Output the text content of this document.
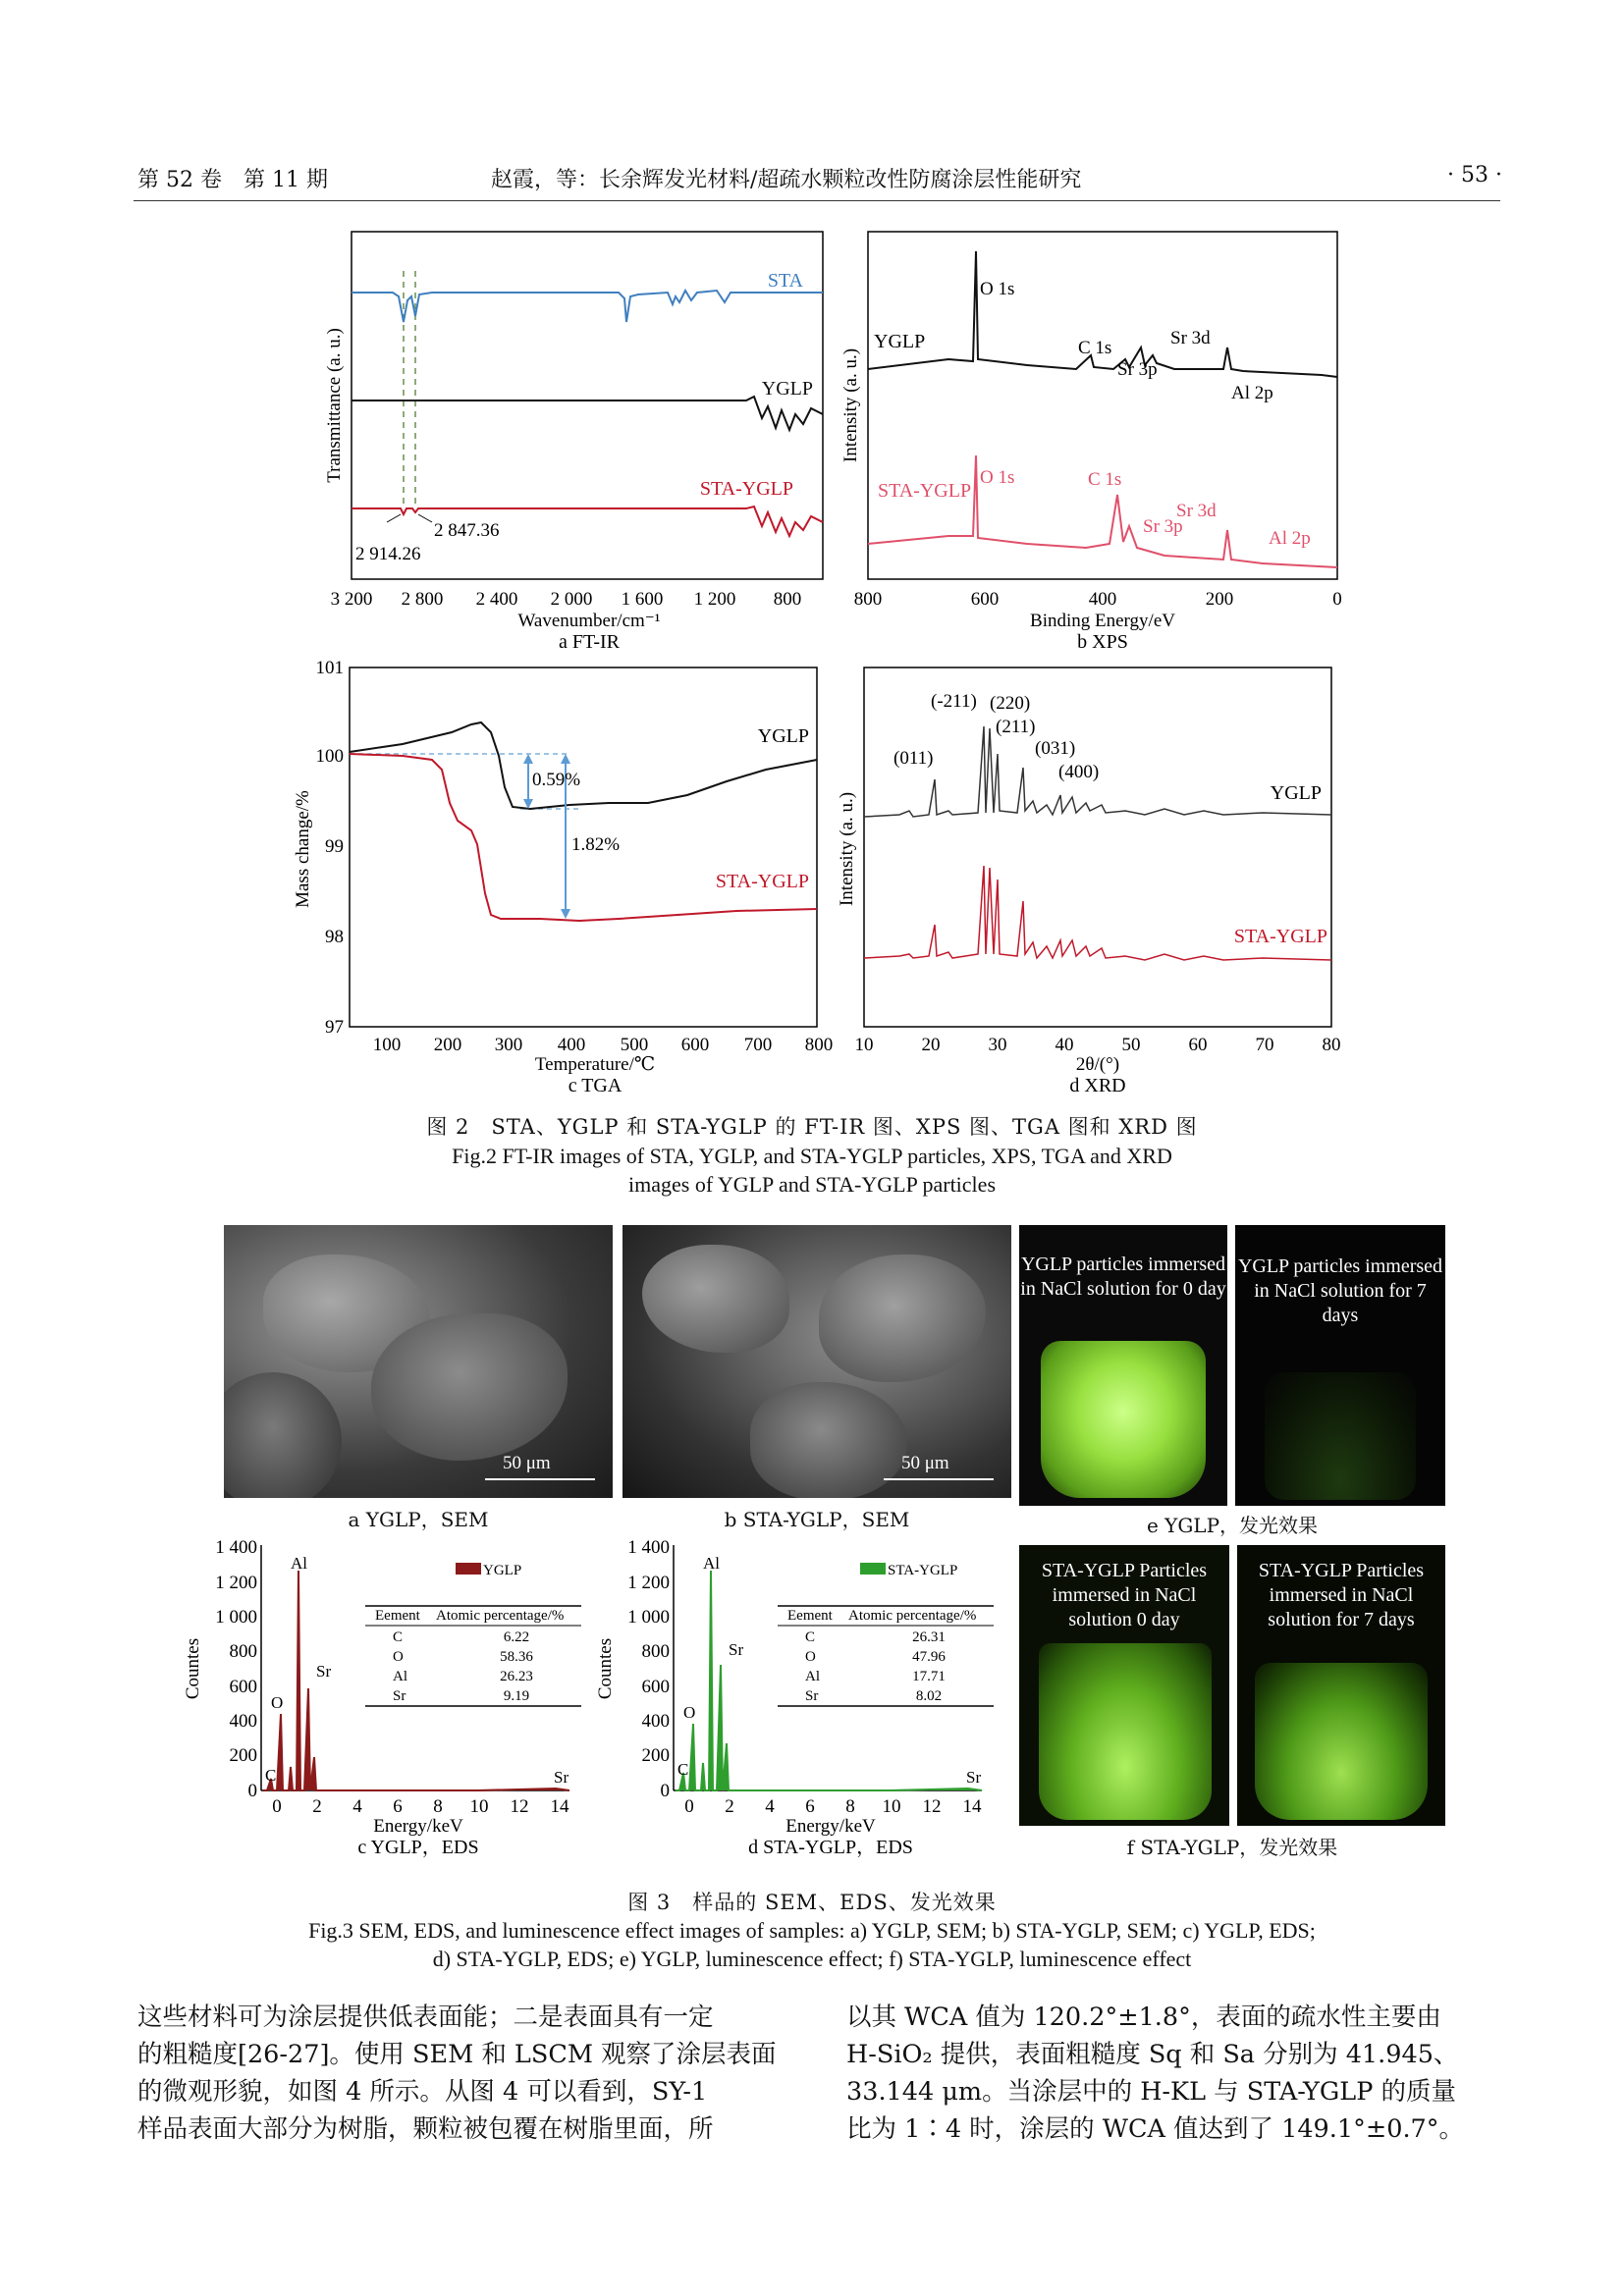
第 52 卷　第 11 期	赵霞，等：长余辉发光材料/超疏水颗粒改性防腐涂层性能研究	· 53 ·
STA
YGLP
STA-YGLP
2 914.26
2 847.36
3 200 2 800 2 400 2 000 1 600 1 200 800
Wavenumber/cm⁻¹
a FT-IR
Transmittance (a. u.)	YGLP
STA-YGLP
O 1s
C 1s
Sr 3p
Sr 3d
Al 2p
O 1s	C 1s
Sr 3d
Sr 3p
Al 2p
800	600	400	200	0
Binding Energy/eV
b XPS
Intensity (a. u.)
101
100
99
98
97
0.59%
1.82%
YGLP
STA-YGLP
100 200 300 400 500 600 700 800
Temperature/℃
c TGA
Mass change/%
(011)
(-211) (220)
(211)
(031)
(400)
YGLP
STA-YGLP
10	20	30	40	50	60	70	80
2θ/(°)
d XRD
Intensity (a. u.)
图 2　STA、YGLP 和 STA-YGLP 的 FT-IR 图、XPS 图、TGA 图和 XRD 图
Fig.2 FT-IR images of STA, YGLP, and STA-YGLP particles, XPS, TGA and XRD
images of YGLP and STA-YGLP particles
50 μm	50 μm
a YGLP，SEM	b STA-YGLP，SEM
YGLP particles immersed in NaCl solution for 0 day
YGLP particles immersed in NaCl solution for 7 days
e YGLP，发光效果
STA-YGLP Particles immersed in NaCl solution 0 day
STA-YGLP Particles immersed in NaCl solution for 7 days
f STA-YGLP，发光效果
0
200
400
600
800
1 000
1 200
1 400
C
O
Al
Sr
Sr
YGLP
Eement Atomic percentage/%
C	6.22
O	58.36
Al	26.23
Sr	9.19
0 2 4 6 8 10 12 14
Energy/keV
c YGLP，EDS
Countes
0
200
400
600
800
1 000
1 200
1 400
C
O
Al
Sr
Sr
STA-YGLP
Eement Atomic percentage/%
C	26.31
O	47.96
Al	17.71
Sr	8.02
0 2 4 6 8 10 12 14
Energy/keV
d STA-YGLP，EDS
Countes
图 3　样品的 SEM、EDS、发光效果
Fig.3 SEM, EDS, and luminescence effect images of samples: a) YGLP, SEM; b) STA-YGLP, SEM; c) YGLP, EDS;
d) STA-YGLP, EDS; e) YGLP, luminescence effect; f) STA-YGLP, luminescence effect
这些材料可为涂层提供低表面能；二是表面具有一定
的粗糙度[26-27]。使用 SEM 和 LSCM 观察了涂层表面
的微观形貌，如图 4 所示。从图 4 可以看到，SY-1
样品表面大部分为树脂，颗粒被包覆在树脂里面，所
以其 WCA 值为 120.2°±1.8°，表面的疏水性主要由
H-SiO₂ 提供，表面粗糙度 Sq 和 Sa 分别为 41.945、
33.144 μm。当涂层中的 H-KL 与 STA-YGLP 的质量
比为 1∶4 时，涂层的 WCA 值达到了 149.1°±0.7°。
